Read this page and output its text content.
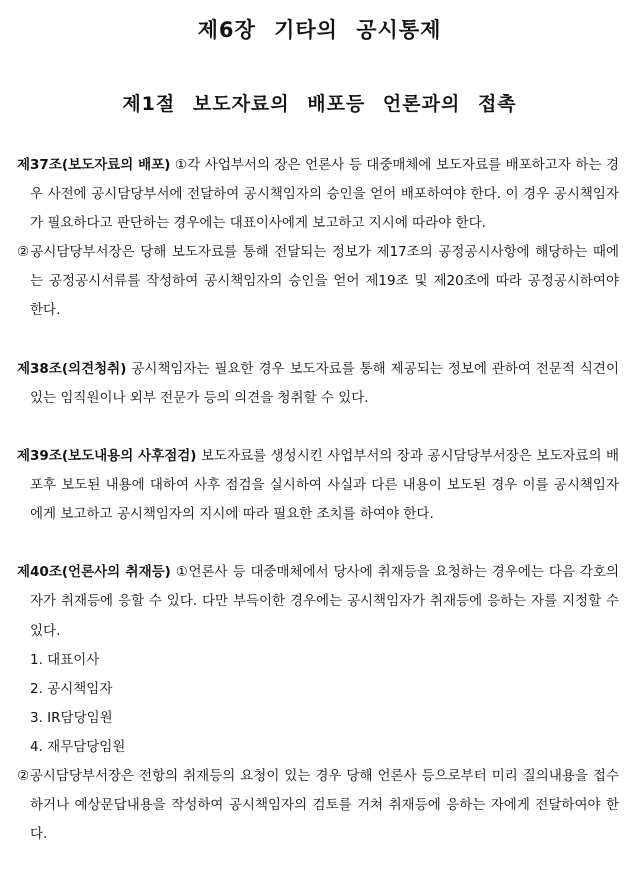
제6장 기타의 공시통제
제1절 보도자료의 배포등 언론과의 접촉

제37조(보도자료의 배포) ①각 사업부서의 장은 언론사 등 대중매체에 보도자료를 배포하고자 하는 경우 사전에 공시담당부서에 전달하여 공시책임자의 승인을 얻어 배포하여야 한다. 이 경우 공시책임자가 필요하다고 판단하는 경우에는 대표이사에게 보고하고 지시에 따라야 한다.

②공시담당부서장은 당해 보도자료를 통해 전달되는 정보가 제17조의 공정공시사항에 해당하는 때에는 공정공시서류를 작성하여 공시책임자의 승인을 얻어 제19조 및 제20조에 따라 공정공시하여야 한다.

제38조(의견청취) 공시책임자는 필요한 경우 보도자료를 통해 제공되는 정보에 관하여 전문적 식견이 있는 임직원이나 외부 전문가 등의 의견을 청취할 수 있다.

제39조(보도내용의 사후점검) 보도자료를 생성시킨 사업부서의 장과 공시담당부서장은 보도자료의 배포후 보도된 내용에 대하여 사후 점검을 실시하여 사실과 다른 내용이 보도된 경우 이를 공시책임자에게 보고하고 공시책임자의 지시에 따라 필요한 조치를 하여야 한다.

제40조(언론사의 취재등) ①언론사 등 대중매체에서 당사에 취재등을 요청하는 경우에는 다음 각호의 자가 취재등에 응할 수 있다. 다만 부득이한 경우에는 공시책임자가 취재등에 응하는 자를 지정할 수 있다.

1. 대표이사

2. 공시책임자

3. IR담당임원

4. 재무담당임원

②공시담당부서장은 전항의 취재등의 요청이 있는 경우 당해 언론사 등으로부터 미리 질의내용을 접수하거나 예상문답내용을 작성하여 공시책임자의 검토를 거쳐 취재등에 응하는 자에게 전달하여야 한다.
